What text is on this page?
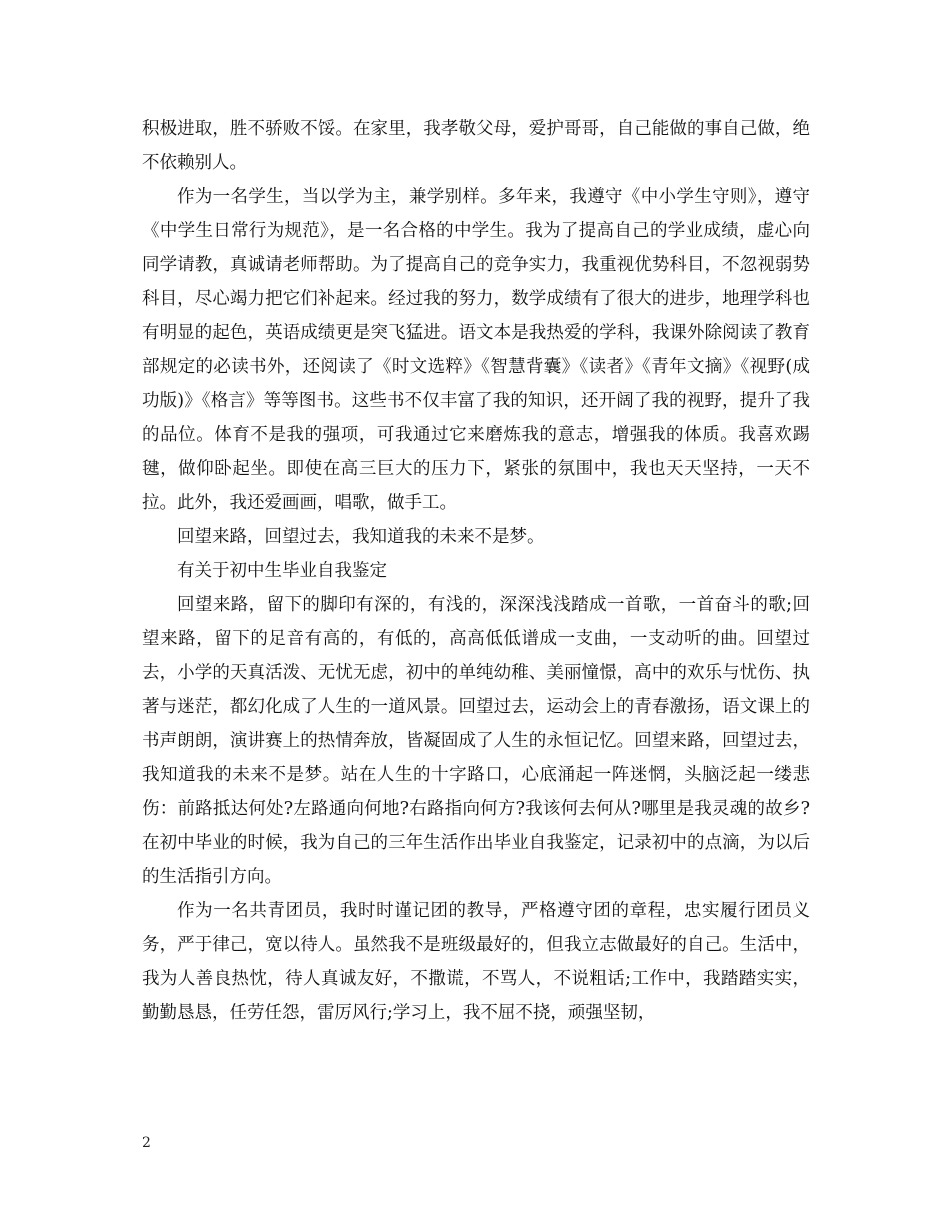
积极进取，胜不骄败不馁。在家里，我孝敬父母，爱护哥哥，自己能做的事自己做，绝不依赖别人。

作为一名学生，当以学为主，兼学别样。多年来，我遵守《中小学生守则》，遵守《中学生日常行为规范》，是一名合格的中学生。我为了提高自己的学业成绩，虚心向同学请教，真诚请老师帮助。为了提高自己的竞争实力，我重视优势科目，不忽视弱势科目，尽心竭力把它们补起来。经过我的努力，数学成绩有了很大的进步，地理学科也有明显的起色，英语成绩更是突飞猛进。语文本是我热爱的学科，我课外除阅读了教育部规定的必读书外，还阅读了《时文选粹》《智慧背囊》《读者》《青年文摘》《视野(成功版)》《格言》等等图书。这些书不仅丰富了我的知识，还开阔了我的视野，提升了我的品位。体育不是我的强项，可我通过它来磨炼我的意志，增强我的体质。我喜欢踢毽，做仰卧起坐。即使在高三巨大的压力下，紧张的氛围中，我也天天坚持，一天不拉。此外，我还爱画画，唱歌，做手工。

回望来路，回望过去，我知道我的未来不是梦。

有关于初中生毕业自我鉴定

回望来路，留下的脚印有深的，有浅的，深深浅浅踏成一首歌，一首奋斗的歌;回望来路，留下的足音有高的，有低的，高高低低谱成一支曲，一支动听的曲。回望过去，小学的天真活泼、无忧无虑，初中的单纯幼稚、美丽憧憬，高中的欢乐与忧伤、执著与迷茫，都幻化成了人生的一道风景。回望过去，运动会上的青春激扬，语文课上的书声朗朗，演讲赛上的热情奔放，皆凝固成了人生的永恒记忆。回望来路，回望过去，我知道我的未来不是梦。站在人生的十字路口，心底涌起一阵迷惘，头脑泛起一缕悲伤：前路抵达何处?左路通向何地?右路指向何方?我该何去何从?哪里是我灵魂的故乡?在初中毕业的时候，我为自己的三年生活作出毕业自我鉴定，记录初中的点滴，为以后的生活指引方向。

作为一名共青团员，我时时谨记团的教导，严格遵守团的章程，忠实履行团员义务，严于律己，宽以待人。虽然我不是班级最好的，但我立志做最好的自己。生活中，我为人善良热忱，待人真诚友好，不撒谎，不骂人，不说粗话;工作中，我踏踏实实，勤勤恳恳，任劳任怨，雷厉风行;学习上，我不屈不挠，顽强坚韧，

2
